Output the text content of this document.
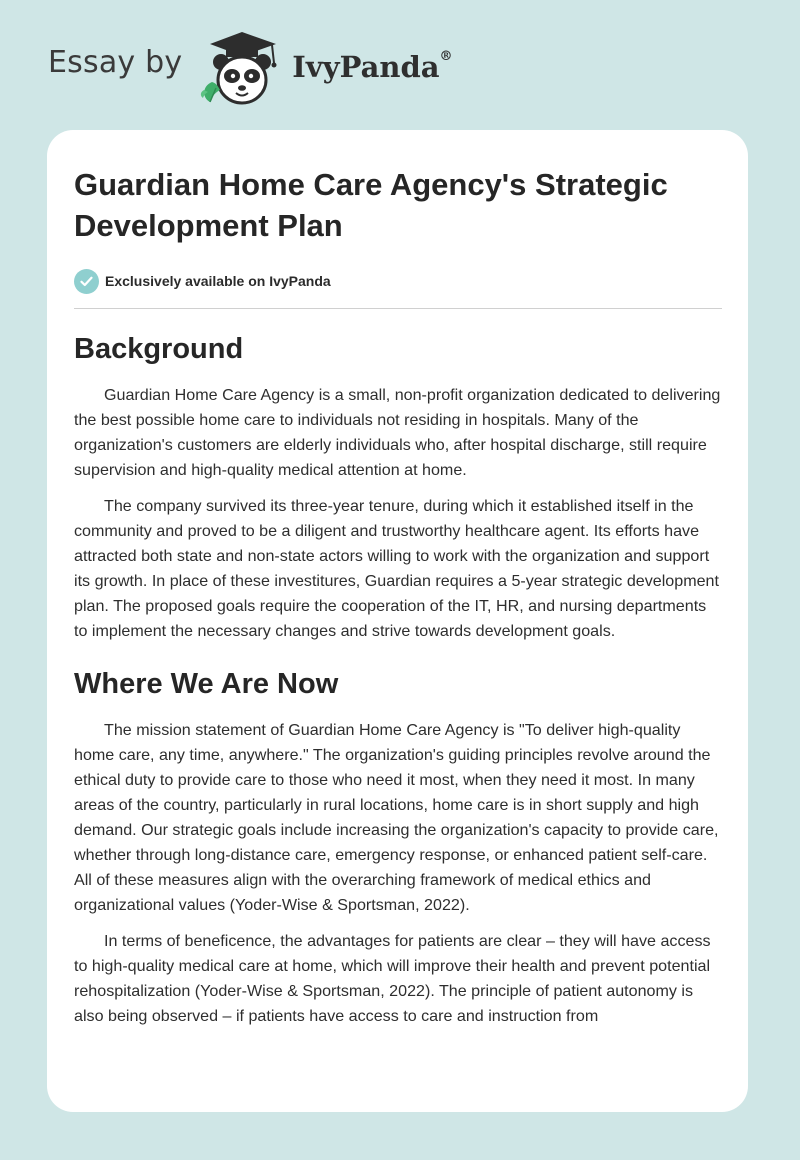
Essay by	IvyPanda®
Guardian Home Care Agency's Strategic Development Plan
Exclusively available on IvyPanda
Background

Guardian Home Care Agency is a small, non-profit organization dedicated to delivering the best possible home care to individuals not residing in hospitals. Many of the organization's customers are elderly individuals who, after hospital discharge, still require supervision and high-quality medical attention at home.

The company survived its three-year tenure, during which it established itself in the community and proved to be a diligent and trustworthy healthcare agent. Its efforts have attracted both state and non-state actors willing to work with the organization and support its growth. In place of these investitures, Guardian requires a 5-year strategic development plan. The proposed goals require the cooperation of the IT, HR, and nursing departments to implement the necessary changes and strive towards development goals.

Where We Are Now

The mission statement of Guardian Home Care Agency is "To deliver high-quality home care, any time, anywhere." The organization's guiding principles revolve around the ethical duty to provide care to those who need it most, when they need it most. In many areas of the country, particularly in rural locations, home care is in short supply and high demand. Our strategic goals include increasing the organization's capacity to provide care, whether through long-distance care, emergency response, or enhanced patient self-care. All of these measures align with the overarching framework of medical ethics and organizational values (Yoder-Wise & Sportsman, 2022).

In terms of beneficence, the advantages for patients are clear – they will have access to high-quality medical care at home, which will improve their health and prevent potential rehospitalization (Yoder-Wise & Sportsman, 2022). The principle of patient autonomy is also being observed – if patients have access to care and instruction from
